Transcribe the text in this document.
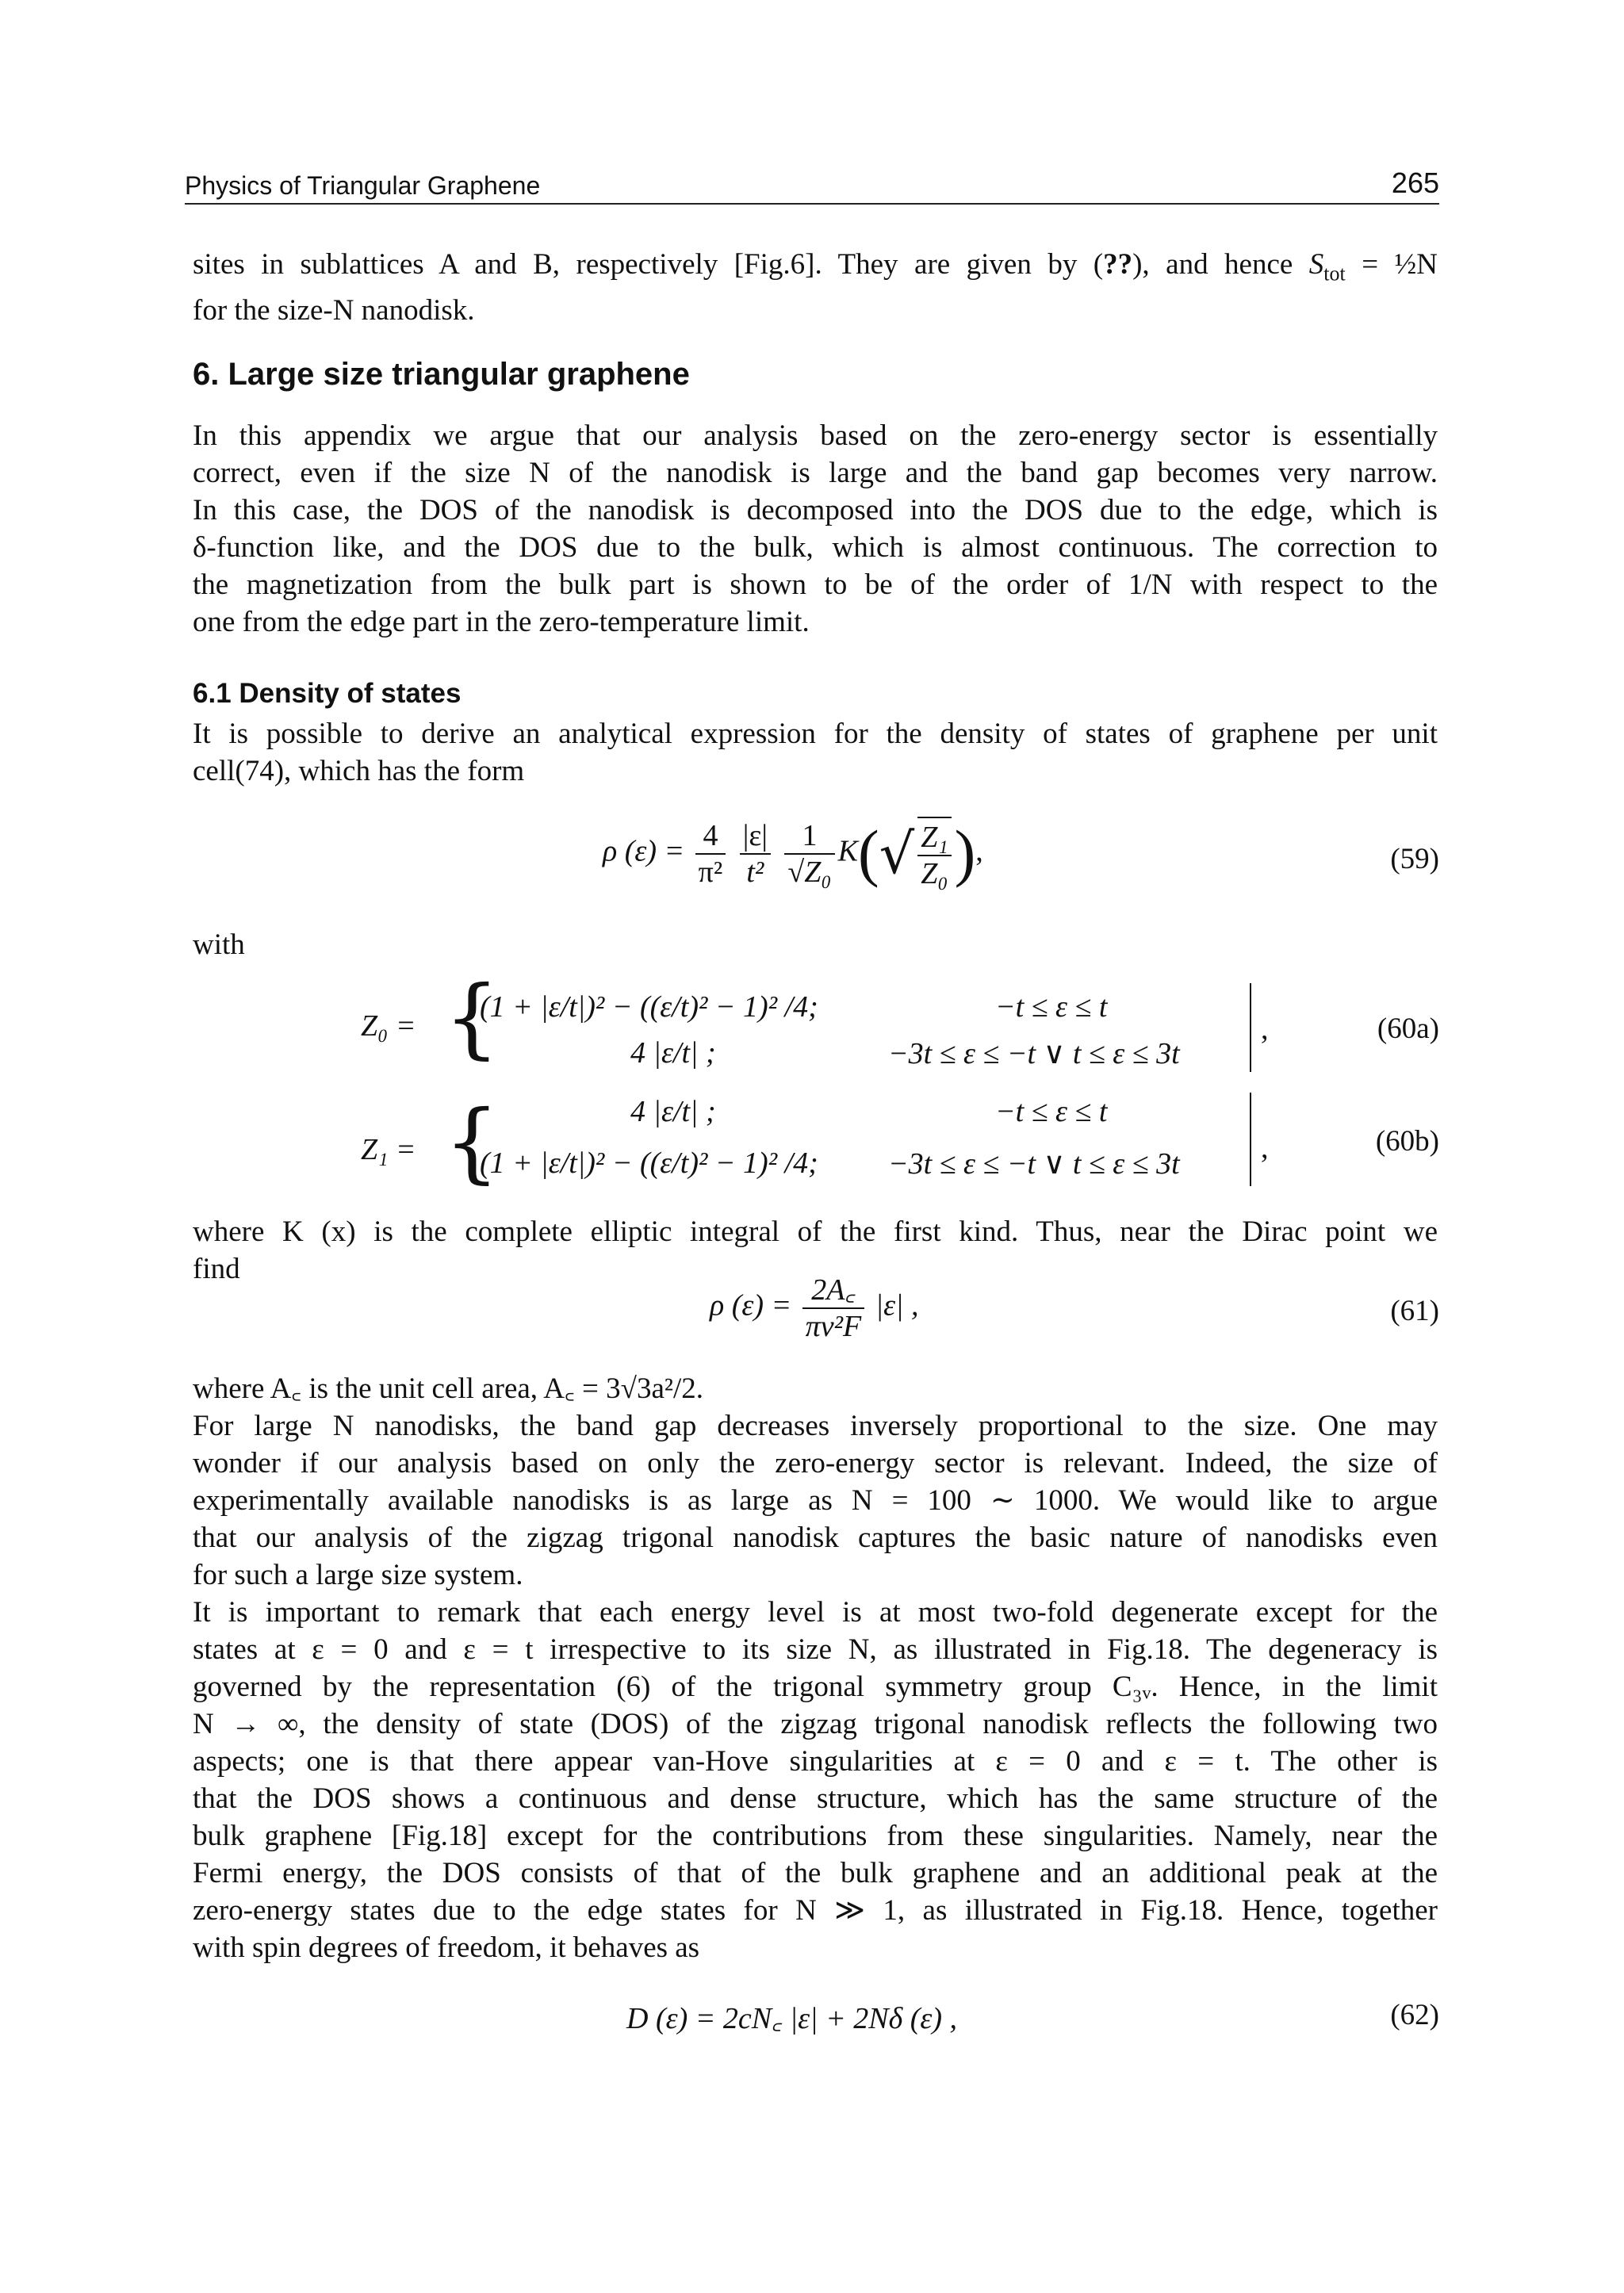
Physics of Triangular Graphene	265
sites in sublattices A and B, respectively [Fig.6]. They are given by (??), and hence $S_{tot}$ = ½N
for the size-N nanodisk.
6. Large size triangular graphene
In this appendix we argue that our analysis based on the zero-energy sector is essentially
correct, even if the size N of the nanodisk is large and the band gap becomes very narrow.
In this case, the DOS of the nanodisk is decomposed into the DOS due to the edge, which is
δ-function like, and the DOS due to the bulk, which is almost continuous. The correction to
the magnetization from the bulk part is shown to be of the order of 1/N with respect to the
one from the edge part in the zero-temperature limit.
6.1 Density of states
It is possible to derive an analytical expression for the density of states of graphene per unit
cell(74), which has the form
ρ $(\varepsilon) = \frac{4}{\text{π²}}$
$\frac{|\varepsilon|}{\text{t²}}$
$\frac{1}{\text{√Z₀}} K(√ \frac{\text{Z₁}}{\text{Z₀}}$ ),	(59)
with
Z₀ = {
(1 + |ε/t|)² − ((ε/t)² − 1)² /4;	−t ≤ ε ≤ t
4 |ε/t| ;	−3t ≤ ε ≤ −t ∨ t ≤ ε ≤ 3t
,	(60a)
Z₁ = {	4 |ε/t| ;	−t ≤ ε ≤ t
(1 + |ε/t|)² − ((ε/t)² − 1)² /4; −3t ≤ ε ≤ −t ∨ t ≤ ε ≤ 3t	,	(60b)
where K (x) is the complete elliptic integral of the first kind. Thus, near the Dirac point we
find
ρ $(\varepsilon) = \frac{2A꜀}{\text{πv²F}} |\varepsilon|$ ,	(61)
where A꜀ is the unit cell area, A꜀ = 3√3a²/2.
For large N nanodisks, the band gap decreases inversely proportional to the size. One may
wonder if our analysis based on only the zero-energy sector is relevant. Indeed, the size of
experimentally available nanodisks is as large as N = 100 ∼ 1000. We would like to argue
that our analysis of the zigzag trigonal nanodisk captures the basic nature of nanodisks even
for such a large size system.
It is important to remark that each energy level is at most two-fold degenerate except for the
states at ε = 0 and ε = t irrespective to its size N, as illustrated in Fig.18. The degeneracy is
governed by the representation (6) of the trigonal symmetry group C₃ᵥ. Hence, in the limit
N → ∞, the density of state (DOS) of the zigzag trigonal nanodisk reflects the following two
aspects; one is that there appear van-Hove singularities at ε = 0 and ε = t. The other is
that the DOS shows a continuous and dense structure, which has the same structure of the
bulk graphene [Fig.18] except for the contributions from these singularities. Namely, near the
Fermi energy, the DOS consists of that of the bulk graphene and an additional peak at the
zero-energy states due to the edge states for N ≫ 1, as illustrated in Fig.18. Hence, together
with spin degrees of freedom, it behaves as
D (ε) = 2cN꜀ |ε| + 2Nδ (ε) ,	(62)
